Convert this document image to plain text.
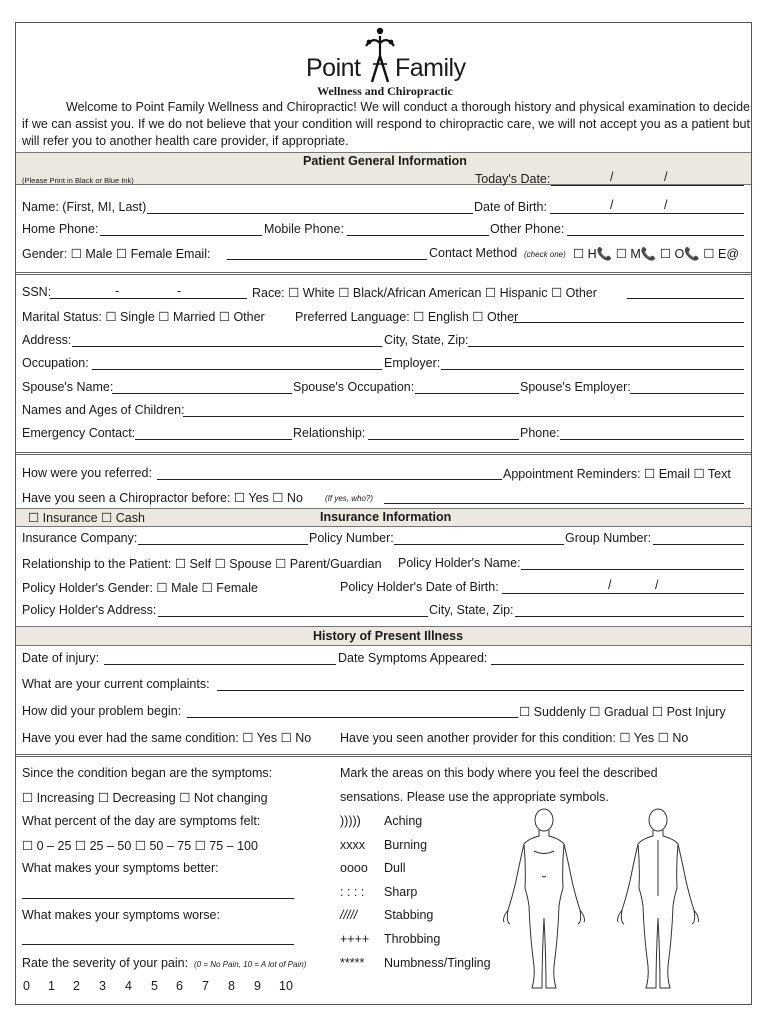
Point Family
Wellness and Chiropractic

Welcome to Point Family Wellness and Chiropractic! We will conduct a thorough history and physical examination to decide if we can assist you. If we do not believe that your condition will respond to chiropractic care, we will not accept you as a patient but will refer you to another health care provider, if appropriate.

Patient General Information
(Please Print in Black or Blue Ink)	Today's Date:	/	/
Name: (First, MI, Last)	Date of Birth:	/	/
Home Phone:	Mobile Phone:	Other Phone:
Gender: ☐ Male ☐ Female Email:	Contact Method (check one) ☐ H📞 ☐ M📞 ☐ O📞 ☐ E@
SSN:	-	-	Race: ☐ White ☐ Black/African American ☐ Hispanic ☐ Other
Marital Status: ☐ Single ☐ Married ☐ Other Preferred Language: ☐ English ☐ Other
Address:	City, State, Zip:
Occupation:	Employer:
Spouse's Name:	Spouse's Occupation:	Spouse's Employer:
Names and Ages of Children:
Emergency Contact:	Relationship:	Phone:
How were you referred:	Appointment Reminders: ☐ Email ☐ Text
Have you seen a Chiropractor before: ☐ Yes ☐ No	(If yes, who?)
☐ Insurance ☐ Cash	Insurance Information
Insurance Company:	Policy Number:	Group Number:
Relationship to the Patient: ☐ Self ☐ Spouse ☐ Parent/Guardian Policy Holder's Name:
Policy Holder's Gender: ☐ Male ☐ Female	Policy Holder's Date of Birth:	/	/
Policy Holder's Address:	City, State, Zip:
History of Present Illness
Date of injury:	Date Symptoms Appeared:
What are your current complaints:
How did your problem begin:	☐ Suddenly ☐ Gradual ☐ Post Injury
Have you ever had the same condition: ☐ Yes ☐ No Have you seen another provider for this condition: ☐ Yes ☐ No
Since the condition began are the symptoms:
☐ Increasing ☐ Decreasing ☐ Not changing
What percent of the day are symptoms felt:
☐ 0 – 25 ☐ 25 – 50 ☐ 50 – 75 ☐ 75 – 100
What makes your symptoms better:
What makes your symptoms worse:
Rate the severity of your pain: (0 = No Pain, 10 = A lot of Pain)
0 1 2 3 4 5 6 7 8 9 10
Mark the areas on this body where you feel the described
sensations. Please use the appropriate symbols.
))))) Aching
xxxx Burning
oooo Dull
: : : : Sharp
///// Stabbing
++++ Throbbing
***** Numbness/Tingling
